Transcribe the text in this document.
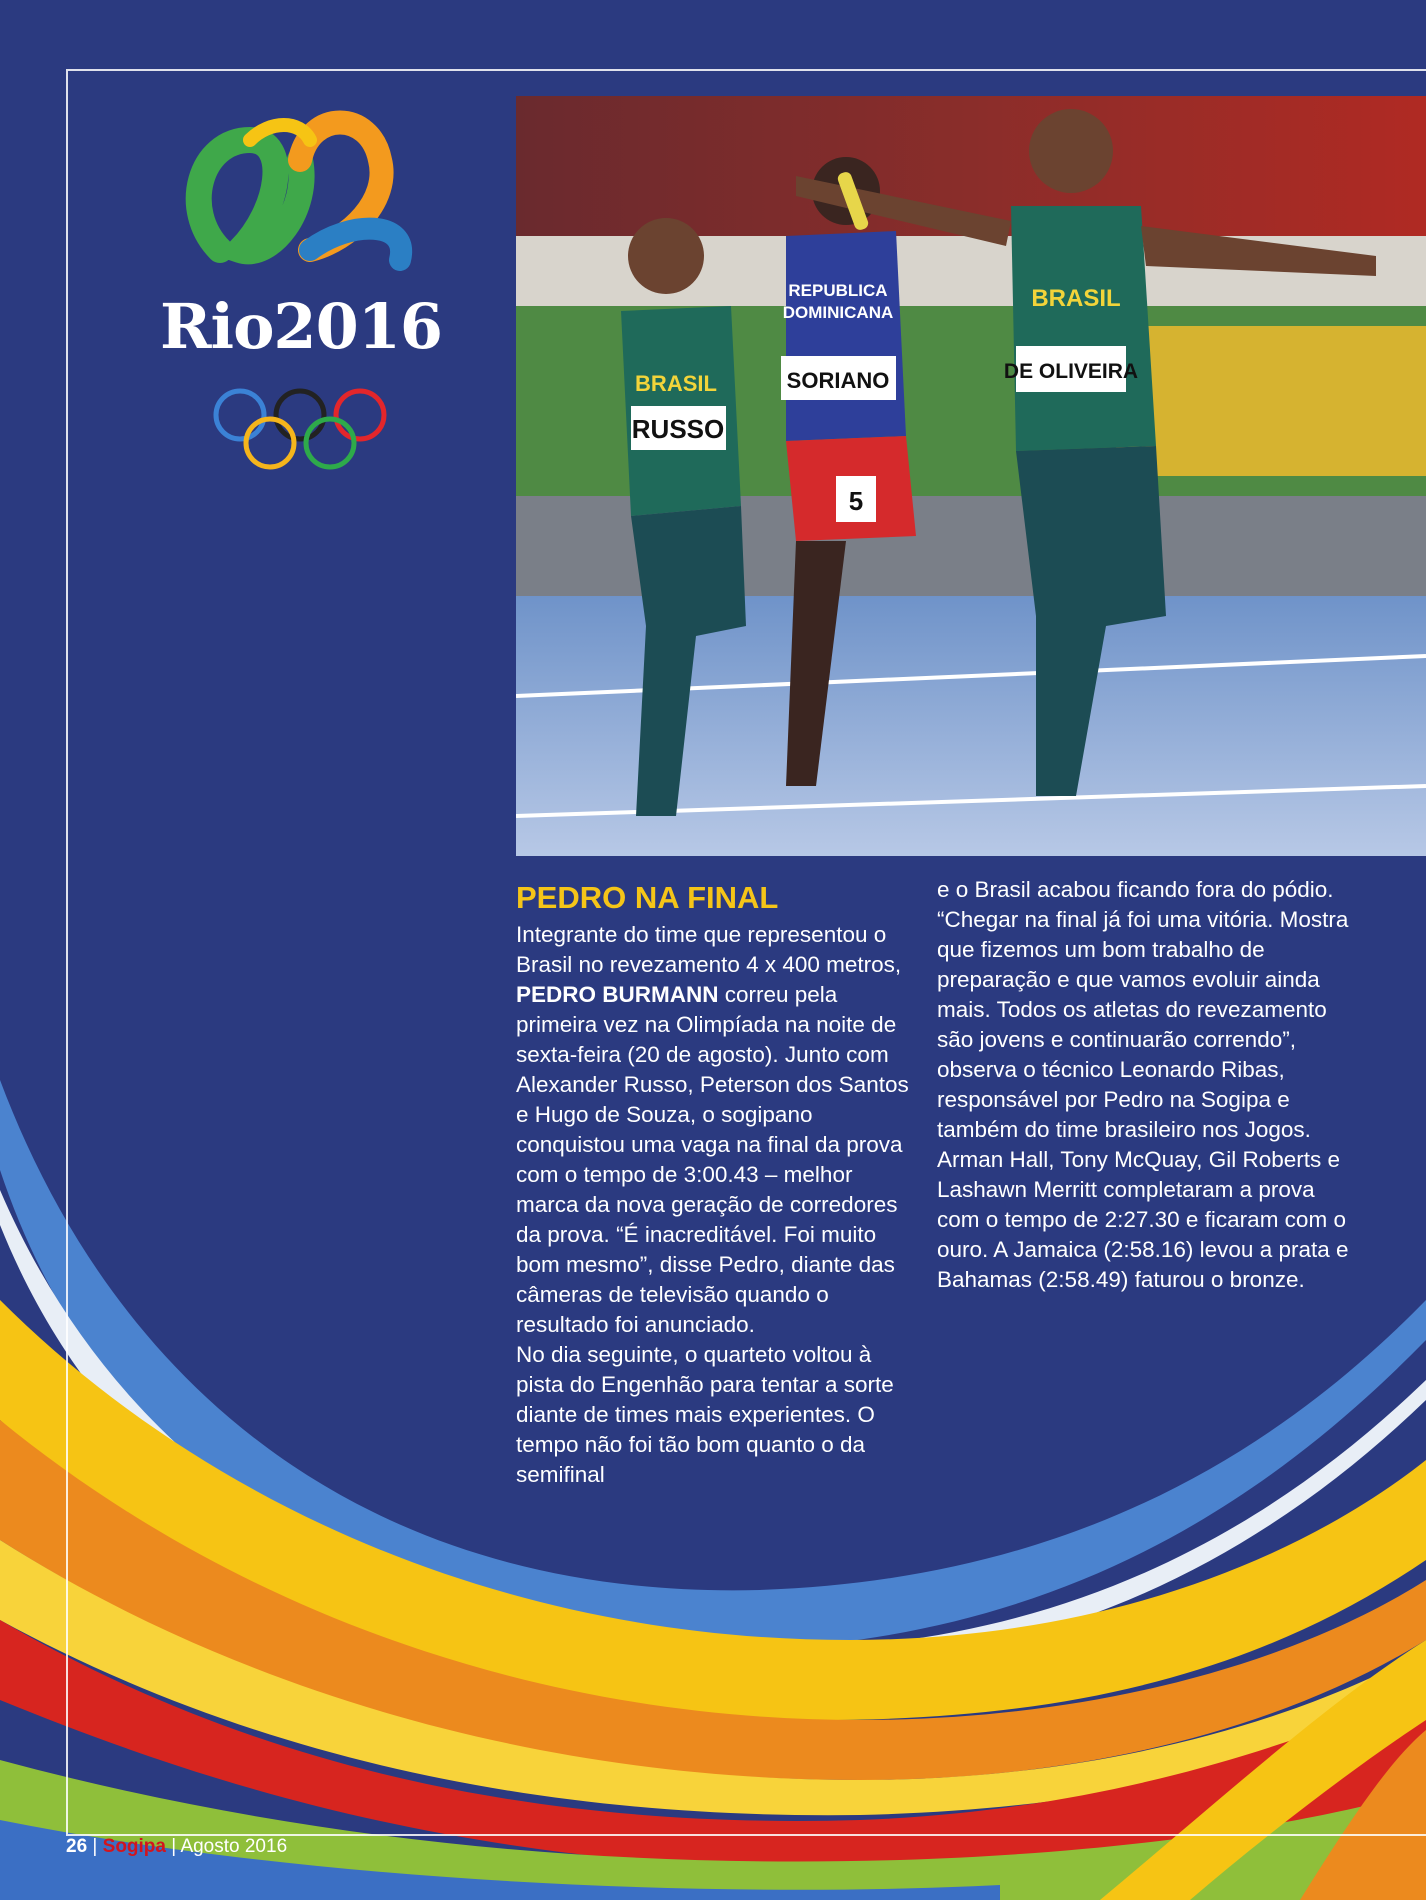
Rio2016
RUSSO
BRASIL	SORIANO
REPUBLICA
DOMINICANA
5
DE OLIVEIRA
BRASIL
PEDRO NA FINAL

Integrante do time que representou o Brasil no revezamento 4 x 400 metros, PEDRO BURMANN correu pela primeira vez na Olimpíada na noite de sexta-feira (20 de agosto). Junto com Alexander Russo, Peterson dos Santos e Hugo de Souza, o sogipano conquistou uma vaga na final da prova com o tempo de 3:00.43 – melhor marca da nova geração de corredores da prova. “É inacreditável. Foi muito bom mesmo”, disse Pedro, diante das câmeras de televisão quando o resultado foi anunciado.

No dia seguinte, o quarteto voltou à pista do Engenhão para tentar a sorte diante de times mais experientes. O tempo não foi tão bom quanto o da semifinal

e o Brasil acabou ficando fora do pódio. “Chegar na final já foi uma vitória. Mostra que fizemos um bom trabalho de preparação e que vamos evoluir ainda mais. Todos os atletas do revezamento são jovens e continuarão correndo”, observa o técnico Leonardo Ribas, responsável por Pedro na Sogipa e também do time brasileiro nos Jogos.

Arman Hall, Tony McQuay, Gil Roberts e Lashawn Merritt completaram a prova com o tempo de 2:27.30 e ficaram com o ouro. A Jamaica (2:58.16) levou a prata e Bahamas (2:58.49) faturou o bronze.

26 | Sogipa | Agosto 2016
